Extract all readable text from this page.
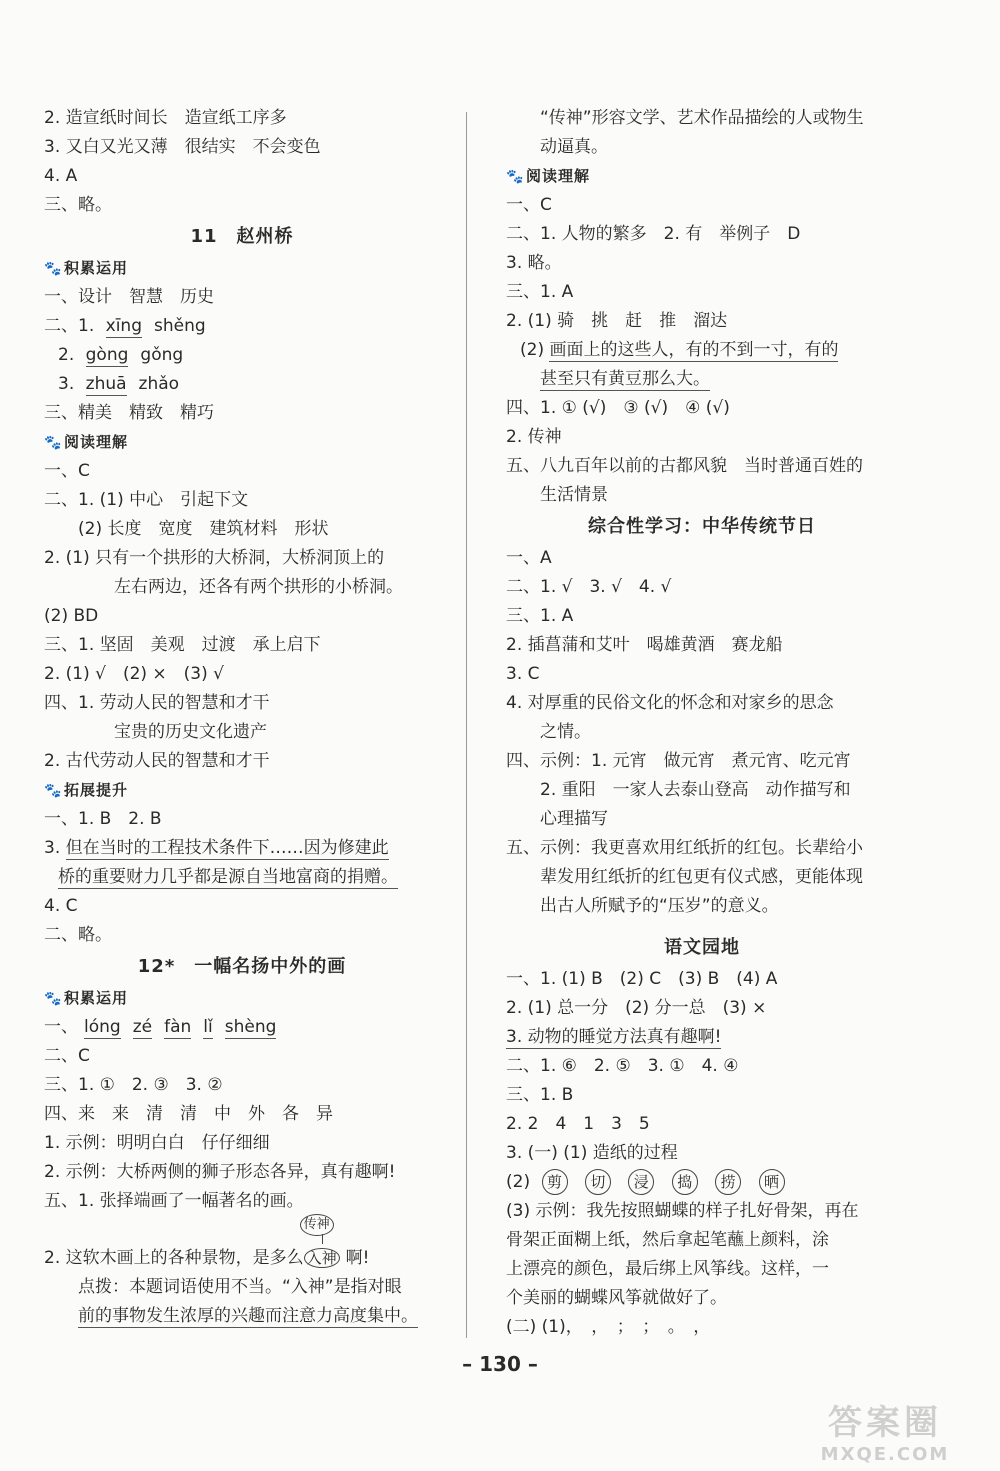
2. 造宣纸时间长　造宣纸工序多
3. 又白又光又薄　很结实　不会变色
4. A
三、略。
11　赵州桥
🐾 积累运用
一、设计　智慧　历史
二、1. xīng shěng
2. gòng gǒng
3. zhuā zhǎo
三、精美　精致　精巧
🐾 阅读理解
一、C
二、1. (1) 中心　引起下文
(2) 长度　宽度　建筑材料　形状
2. (1) 只有一个拱形的大桥洞，大桥洞顶上的
左右两边，还各有两个拱形的小桥洞。
(2) BD
三、1. 坚固　美观　过渡　承上启下
2. (1) √　(2) ×　(3) √
四、1. 劳动人民的智慧和才干
宝贵的历史文化遗产
2. 古代劳动人民的智慧和才干
🐾 拓展提升
一、1. B　2. B
3. 但在当时的工程技术条件下……因为修建此
桥的重要财力几乎都是源自当地富商的捐赠。
4. C
二、略。
12*　一幅名扬中外的画
🐾 积累运用
一、 lóng zé fàn lǐ shèng
二、C
三、1. ①　2. ③　3. ②
四、来　来　清　清　中　外　各　异
1. 示例：明明白白　仔仔细细
2. 示例：大桥两侧的狮子形态各异，真有趣啊!
五、1. 张择端画了一幅著名的画。
2. 这软木画上的各种景物，是多么
传神
入神 啊!
点拨：本题词语使用不当。“入神”是指对眼
前的事物发生浓厚的兴趣而注意力高度集中。
“传神”形容文学、艺术作品描绘的人或物生
动逼真。
🐾 阅读理解
一、C
二、1. 人物的繁多　2. 有　举例子　D
3. 略。
三、1. A
2. (1) 骑　挑　赶　推　溜达
(2) 画面上的这些人，有的不到一寸，有的
甚至只有黄豆那么大。
四、1. ① (√)　③ (√)　④ (√)
2. 传神
五、八九百年以前的古都风貌　当时普通百姓的
生活情景
综合性学习：中华传统节日
一、A
二、1. √　3. √　4. √
三、1. A
2. 插菖蒲和艾叶　喝雄黄酒　赛龙船
3. C
4. 对厚重的民俗文化的怀念和对家乡的思念
之情。
四、示例：1. 元宵　做元宵　煮元宵、吃元宵
2. 重阳　一家人去泰山登高　动作描写和
心理描写
五、示例：我更喜欢用红纸折的红包。长辈给小
辈发用红纸折的红包更有仪式感，更能体现
出古人所赋予的“压岁”的意义。
语文园地
一、1. (1) B　(2) C　(3) B　(4) A
2. (1) 总一分　(2) 分一总　(3) ×
3. 动物的睡觉方法真有趣啊!
二、1. ⑥　2. ⑤　3. ①　4. ④
三、1. B
2. 2　4　1　3　5
3. (一) (1) 造纸的过程
(2) 剪 切 浸 捣 捞 晒
(3) 示例：我先按照蝴蝶的样子扎好骨架，再在
骨架正面糊上纸，然后拿起笔蘸上颜料，涂
上漂亮的颜色，最后绑上风筝线。这样，一
个美丽的蝴蝶风筝就做好了。
(二) (1)，　，　；　；　。　，
– 130 –
答案圈
MXQE.COM
